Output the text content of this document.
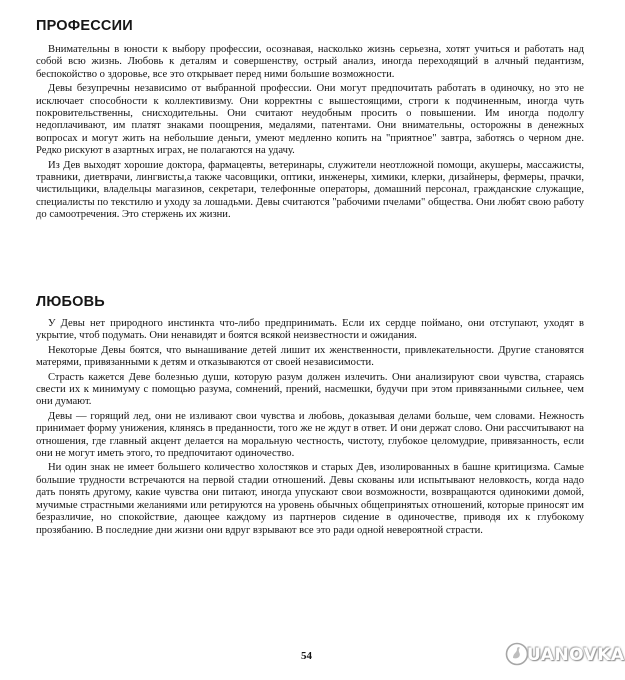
ПРОФЕССИИ

Внимательны в юности к выбору профессии, осознавая, насколько жизнь серьезна, хотят учиться и работать над собой всю жизнь. Любовь к деталям и совершенству, острый анализ, иногда переходящий в алчный педантизм, беспокойство о здоровье, все это открывает перед ними большие возможности.

Девы безупречны независимо от выбранной профессии. Они могут предпочитать работать в одиночку, но это не исключает способности к коллективизму. Они корректны с вышестоящими, строги к подчиненным, иногда чуть покровительственны, снисходительны. Они считают неудобным просить о повышении. Им иногда подолгу недоплачивают, им платят знаками поощрения, медалями, патентами. Они внимательны, осторожны в денежных вопросах и могут жить на небольшие деньги, умеют медленно копить на "приятное" завтра, заботясь о черном дне. Редко рискуют в азартных играх, не полагаются на удачу.

Из Дев выходят хорошие доктора, фармацевты, ветеринары, служители неотложной помощи, акушеры, массажисты, травники, диетврачи, лингвисты,а также часовщики, оптики, инженеры, химики, клерки, дизайнеры, фермеры, прачки, чистильщики, владельцы магазинов, секретари, телефонные операторы, домашний персонал, гражданские служащие, специалисты по текстилю и уходу за лошадьми. Девы считаются "рабочими пчелами" общества. Они любят свою работу до самоотречения. Это стержень их жизни.

ЛЮБОВЬ

У Девы нет природного инстинкта что-либо предпринимать. Если их сердце поймано, они отступают, уходят в укрытие, чтоб подумать. Они ненавидят и боятся всякой неизвестности и ожидания.

Некоторые Девы боятся, что вынашивание детей лишит их женственности, привлекательности. Другие становятся матерями, привязанными к детям и отказываются от своей независимости.

Страсть кажется Деве болезнью души, которую разум должен излечить. Они анализируют свои чувства, стараясь свести их к минимуму с помощью разума, сомнений, прений, насмешки, будучи при этом привязанными сильнее, чем они думают.

Девы — горящий лед, они не изливают свои чувства и любовь, доказывая делами больше, чем словами. Нежность принимает форму унижения, клянясь в преданности, того же не ждут в ответ. И они держат слово. Они рассчитывают на отношения, где главный акцент делается на моральную честность, чистоту, глубокое целомудрие, привязанность, если они не могут иметь этого, то предпочитают одиночество.

Ни один знак не имеет большего количество холостяков и старых Дев, изолированных в башне критицизма. Самые большие трудности встречаются на первой стадии отношений. Девы скованы или испытывают неловкость, когда надо дать понять другому, какие чувства они питают, иногда упускают свои возможности, возвращаются одинокими домой, мучимые страстными желаниями или ретируются на уровень обычных общепринятых отношений, которые приносят им безразличие, но спокойствие, дающее каждому из партнеров сидение в одиночестве, приводя их к глубокому прозябанию. В последние дни жизни они вдруг взрывают все это ради одной невероятной страсти.

54	UANOVKA
